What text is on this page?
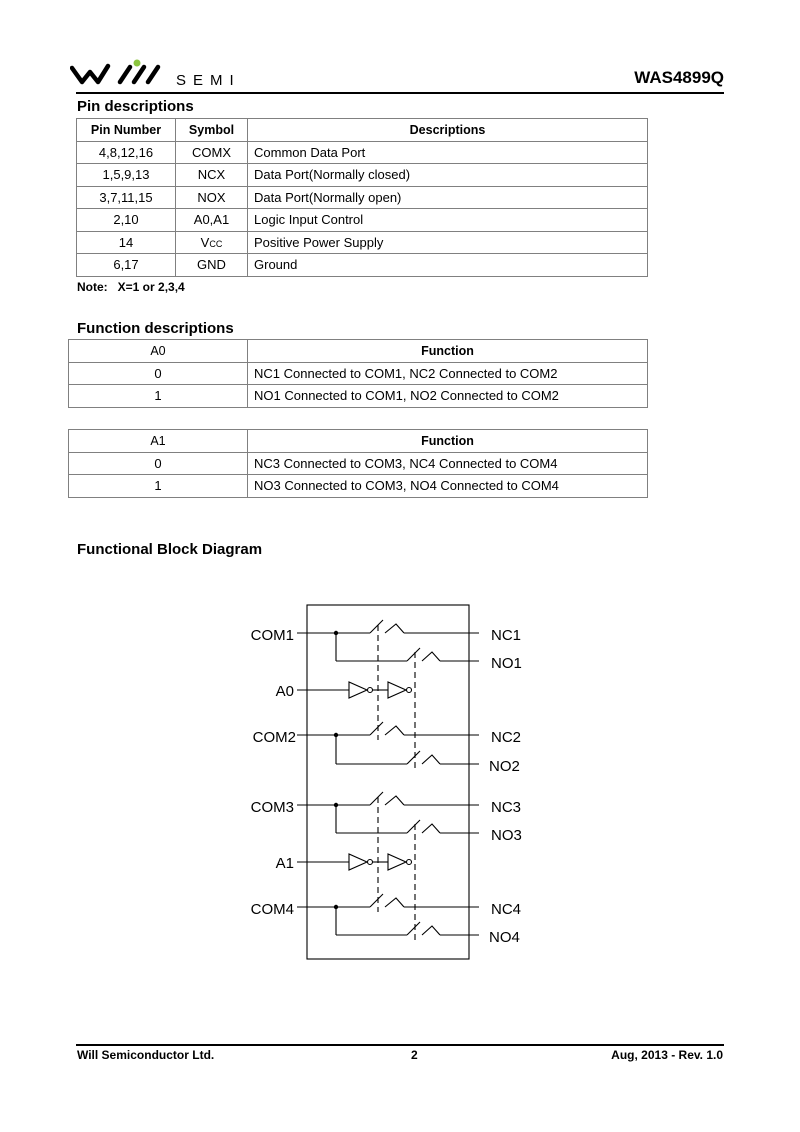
SEMI	WAS4899Q
Pin descriptions
Pin Number	Symbol	Descriptions
4,8,12,16	COMX	Common Data Port
1,5,9,13	NCX	Data Port(Normally closed)
3,7,11,15	NOX	Data Port(Normally open)
2,10	A0,A1	Logic Input Control
14	Vcc	Positive Power Supply
6,17	GND	Ground
Note:   X=1 or 2,3,4
Function descriptions
A0	Function
0	NC1 Connected to COM1, NC2 Connected to COM2
1	NO1 Connected to COM1, NO2 Connected to COM2
A1	Function
0	NC3 Connected to COM3, NC4 Connected to COM4
1	NO3 Connected to COM3, NO4 Connected to COM4
Functional Block Diagram
COM1
A0
COM2
COM3
A1
COM4
NC1
NO1
NC2
NO2
NC3
NO3
NC4
NO4
Will Semiconductor Ltd.	2	Aug, 2013 - Rev. 1.0
